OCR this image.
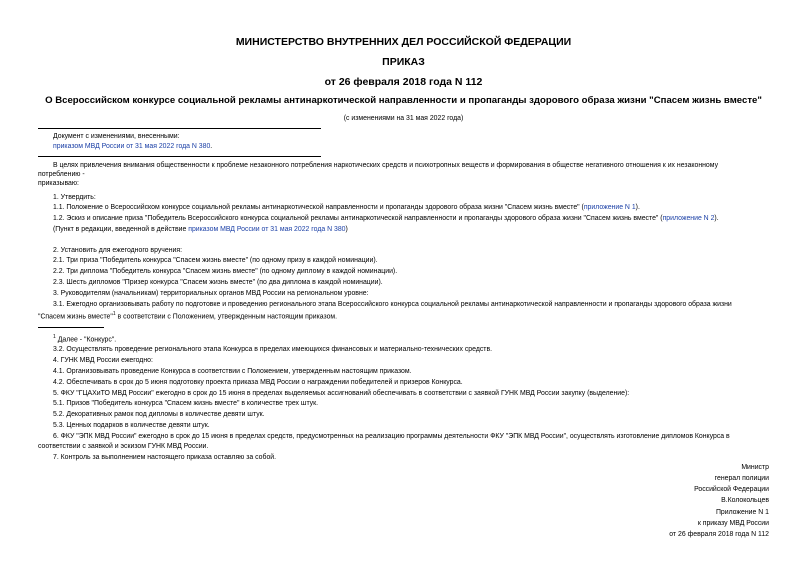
МИНИСТЕРСТВО ВНУТРЕННИХ ДЕЛ РОССИЙСКОЙ ФЕДЕРАЦИИ
ПРИКАЗ
от 26 февраля 2018 года N 112
О Всероссийском конкурсе социальной рекламы антинаркотической направленности и пропаганды здорового образа жизни "Спасем жизнь вместе"
(с изменениями на 31 мая 2022 года)
Документ с изменениями, внесенными:
приказом МВД России от 31 мая 2022 года N 380.
В целях привлечения внимания общественности к проблеме незаконного потребления наркотических средств и психотропных веществ и формирования в обществе негативного отношения к их незаконному
потреблению -
приказываю:
1. Утвердить:
1.1. Положение о Всероссийском конкурсе социальной рекламы антинаркотической направленности и пропаганды здорового образа жизни "Спасем жизнь вместе" (приложение N 1).
1.2. Эскиз и описание приза "Победитель Всероссийского конкурса социальной рекламы антинаркотической направленности и пропаганды здорового образа жизни "Спасем жизнь вместе" (приложение N 2).
(Пункт в редакции, введенной в действие приказом МВД России от 31 мая 2022 года N 380)
2. Установить для ежегодного вручения:
2.1. Три приза "Победитель конкурса "Спасем жизнь вместе" (по одному призу в каждой номинации).
2.2. Три диплома "Победитель конкурса "Спасем жизнь вместе" (по одному диплому в каждой номинации).
2.3. Шесть дипломов "Призер конкурса "Спасем жизнь вместе" (по два диплома в каждой номинации).
3. Руководителям (начальникам) территориальных органов МВД России на региональном уровне:
3.1. Ежегодно организовывать работу по подготовке и проведению регионального этапа Всероссийского конкурса социальной рекламы антинаркотической направленности и пропаганды здорового образа жизни
"Спасем жизнь вместе"$^1$ в соответствии с Положением, утвержденным настоящим приказом.
$^1$ Далее - "Конкурс".
3.2. Осуществлять проведение регионального этапа Конкурса в пределах имеющихся финансовых и материально-технических средств.
4. ГУНК МВД России ежегодно:
4.1. Организовывать проведение Конкурса в соответствии с Положением, утвержденным настоящим приказом.
4.2. Обеспечивать в срок до 5 июня подготовку проекта приказа МВД России о награждении победителей и призеров Конкурса.
5. ФКУ "ГЦАХиТО МВД России" ежегодно в срок до 15 июня в пределах выделяемых ассигнований обеспечивать в соответствии с заявкой ГУНК МВД России закупку (выделение):
5.1. Призов "Победитель конкурса "Спасем жизнь вместе" в количестве трех штук.
5.2. Декоративных рамок под дипломы в количестве девяти штук.
5.3. Ценных подарков в количестве девяти штук.
6. ФКУ "ЭПК МВД России" ежегодно в срок до 15 июня в пределах средств, предусмотренных на реализацию программы деятельности ФКУ "ЭПК МВД России", осуществлять изготовление дипломов Конкурса в
соответствии с заявкой и эскизом ГУНК МВД России.
7. Контроль за выполнением настоящего приказа оставляю за собой.
Министр
генерал полиции
Российской Федерации
В.Колокольцев
Приложение N 1
к приказу МВД России
от 26 февраля 2018 года N 112
